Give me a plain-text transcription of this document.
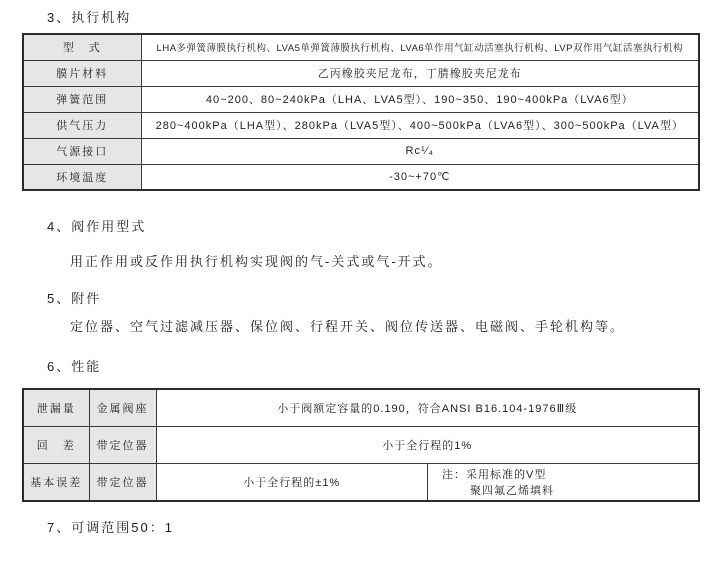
3、执行机构
型　式	LHA多弹簧薄膜执行机构、LVA5单弹簧薄膜执行机构、LVA6单作用气缸动活塞执行机构、LVP双作用气缸活塞执行机构
膜片材料	乙丙橡胶夹尼龙布，丁腈橡胶夹尼龙布
弹簧范围	40~200、80~240kPa（LHA、LVA5型）、190~350、190~400kPa（LVA6型）
供气压力	280~400kPa（LHA型）、280kPa（LVA5型）、400~500kPa（LVA6型）、300~500kPa（LVA型）
气源接口	Rc¹⁄₄
环境温度	-30~+70℃
4、阀作用型式
用正作用或反作用执行机构实现阀的气-关式或气-开式。
5、附件
定位器、空气过滤减压器、保位阀、行程开关、阀位传送器、电磁阀、手轮机构等。
6、性能
泄漏量	金属阀座	小于阀额定容量的0.190，符合ANSI B16.104-1976Ⅲ级	
回　差	带定位器	小于全行程的1%	
基本误差	带定位器	小于全行程的±1%	注：采用标准的V型
聚四氟乙烯填料
7、可调范围50：1
